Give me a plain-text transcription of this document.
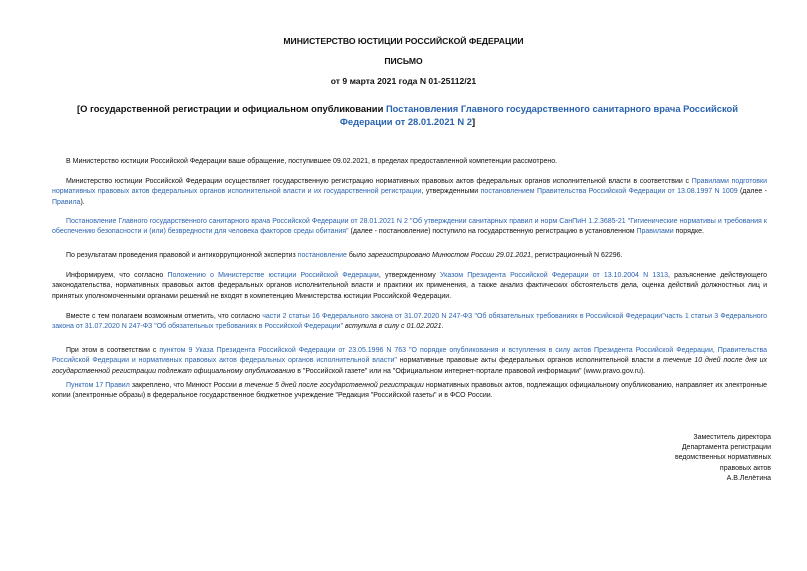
МИНИСТЕРСТВО ЮСТИЦИИ РОССИЙСКОЙ ФЕДЕРАЦИИ
ПИСЬМО
от 9 марта 2021 года N 01-25112/21
[О государственной регистрации и официальном опубликовании Постановления Главного государственного санитарного врача Российской Федерации от 28.01.2021 N 2]

В Министерство юстиции Российской Федерации ваше обращение, поступившее 09.02.2021, в пределах предоставленной компетенции рассмотрено.

Министерство юстиции Российской Федерации осуществляет государственную регистрацию нормативных правовых актов федеральных органов исполнительной власти в соответствии с Правилами подготовки нормативных правовых актов федеральных органов исполнительной власти и их государственной регистрации, утвержденными постановлением Правительства Российской Федерации от 13.08.1997 N 1009 (далее - Правила).

Постановление Главного государственного санитарного врача Российской Федерации от 28.01.2021 N 2 "Об утверждении санитарных правил и норм СанПиН 1.2.3685-21 "Гигиенические нормативы и требования к обеспечению безопасности и (или) безвредности для человека факторов среды обитания" (далее - постановление) поступило на государственную регистрацию в установленном Правилами порядке.

По результатам проведения правовой и антикоррупционной экспертиз постановление было зарегистрировано Минюстом России 29.01.2021, регистрационный N 62296.

Информируем, что согласно Положению о Министерстве юстиции Российской Федерации, утвержденному Указом Президента Российской Федерации от 13.10.2004 N 1313, разъяснение действующего законодательства, нормативных правовых актов федеральных органов исполнительной власти и практики их применения, а также анализ фактических обстоятельств дела, оценка действий должностных лиц и принятых уполномоченными органами решений не входят в компетенцию Министерства юстиции Российской Федерации.

Вместе с тем полагаем возможным отметить, что согласно части 2 статьи 16 Федерального закона от 31.07.2020 N 247-ФЗ "Об обязательных требованиях в Российской Федерации"часть 1 статьи 3 Федерального закона от 31.07.2020 N 247-ФЗ "Об обязательных требованиях в Российской Федерации" вступила в силу с 01.02.2021.

При этом в соответствии с пунктом 9 Указа Президента Российской Федерации от 23.05.1996 N 763 "О порядке опубликования и вступления в силу актов Президента Российской Федерации, Правительства Российской Федерации и нормативных правовых актов федеральных органов исполнительной власти" нормативные правовые акты федеральных органов исполнительной власти в течение 10 дней после дня их государственной регистрации подлежат официальному опубликованию в "Российской газете" или на "Официальном интернет-портале правовой информации" (www.pravo.gov.ru).

Пунктом 17 Правил закреплено, что Минюст России в течение 5 дней после государственной регистрации нормативных правовых актов, подлежащих официальному опубликованию, направляет их электронные копии (электронные образы) в федеральное государственное бюджетное учреждение "Редакция "Российской газеты" и в ФСО России.

Заместитель директора
Департамента регистрации
ведомственных нормативных
правовых актов
А.В.Лелётина
